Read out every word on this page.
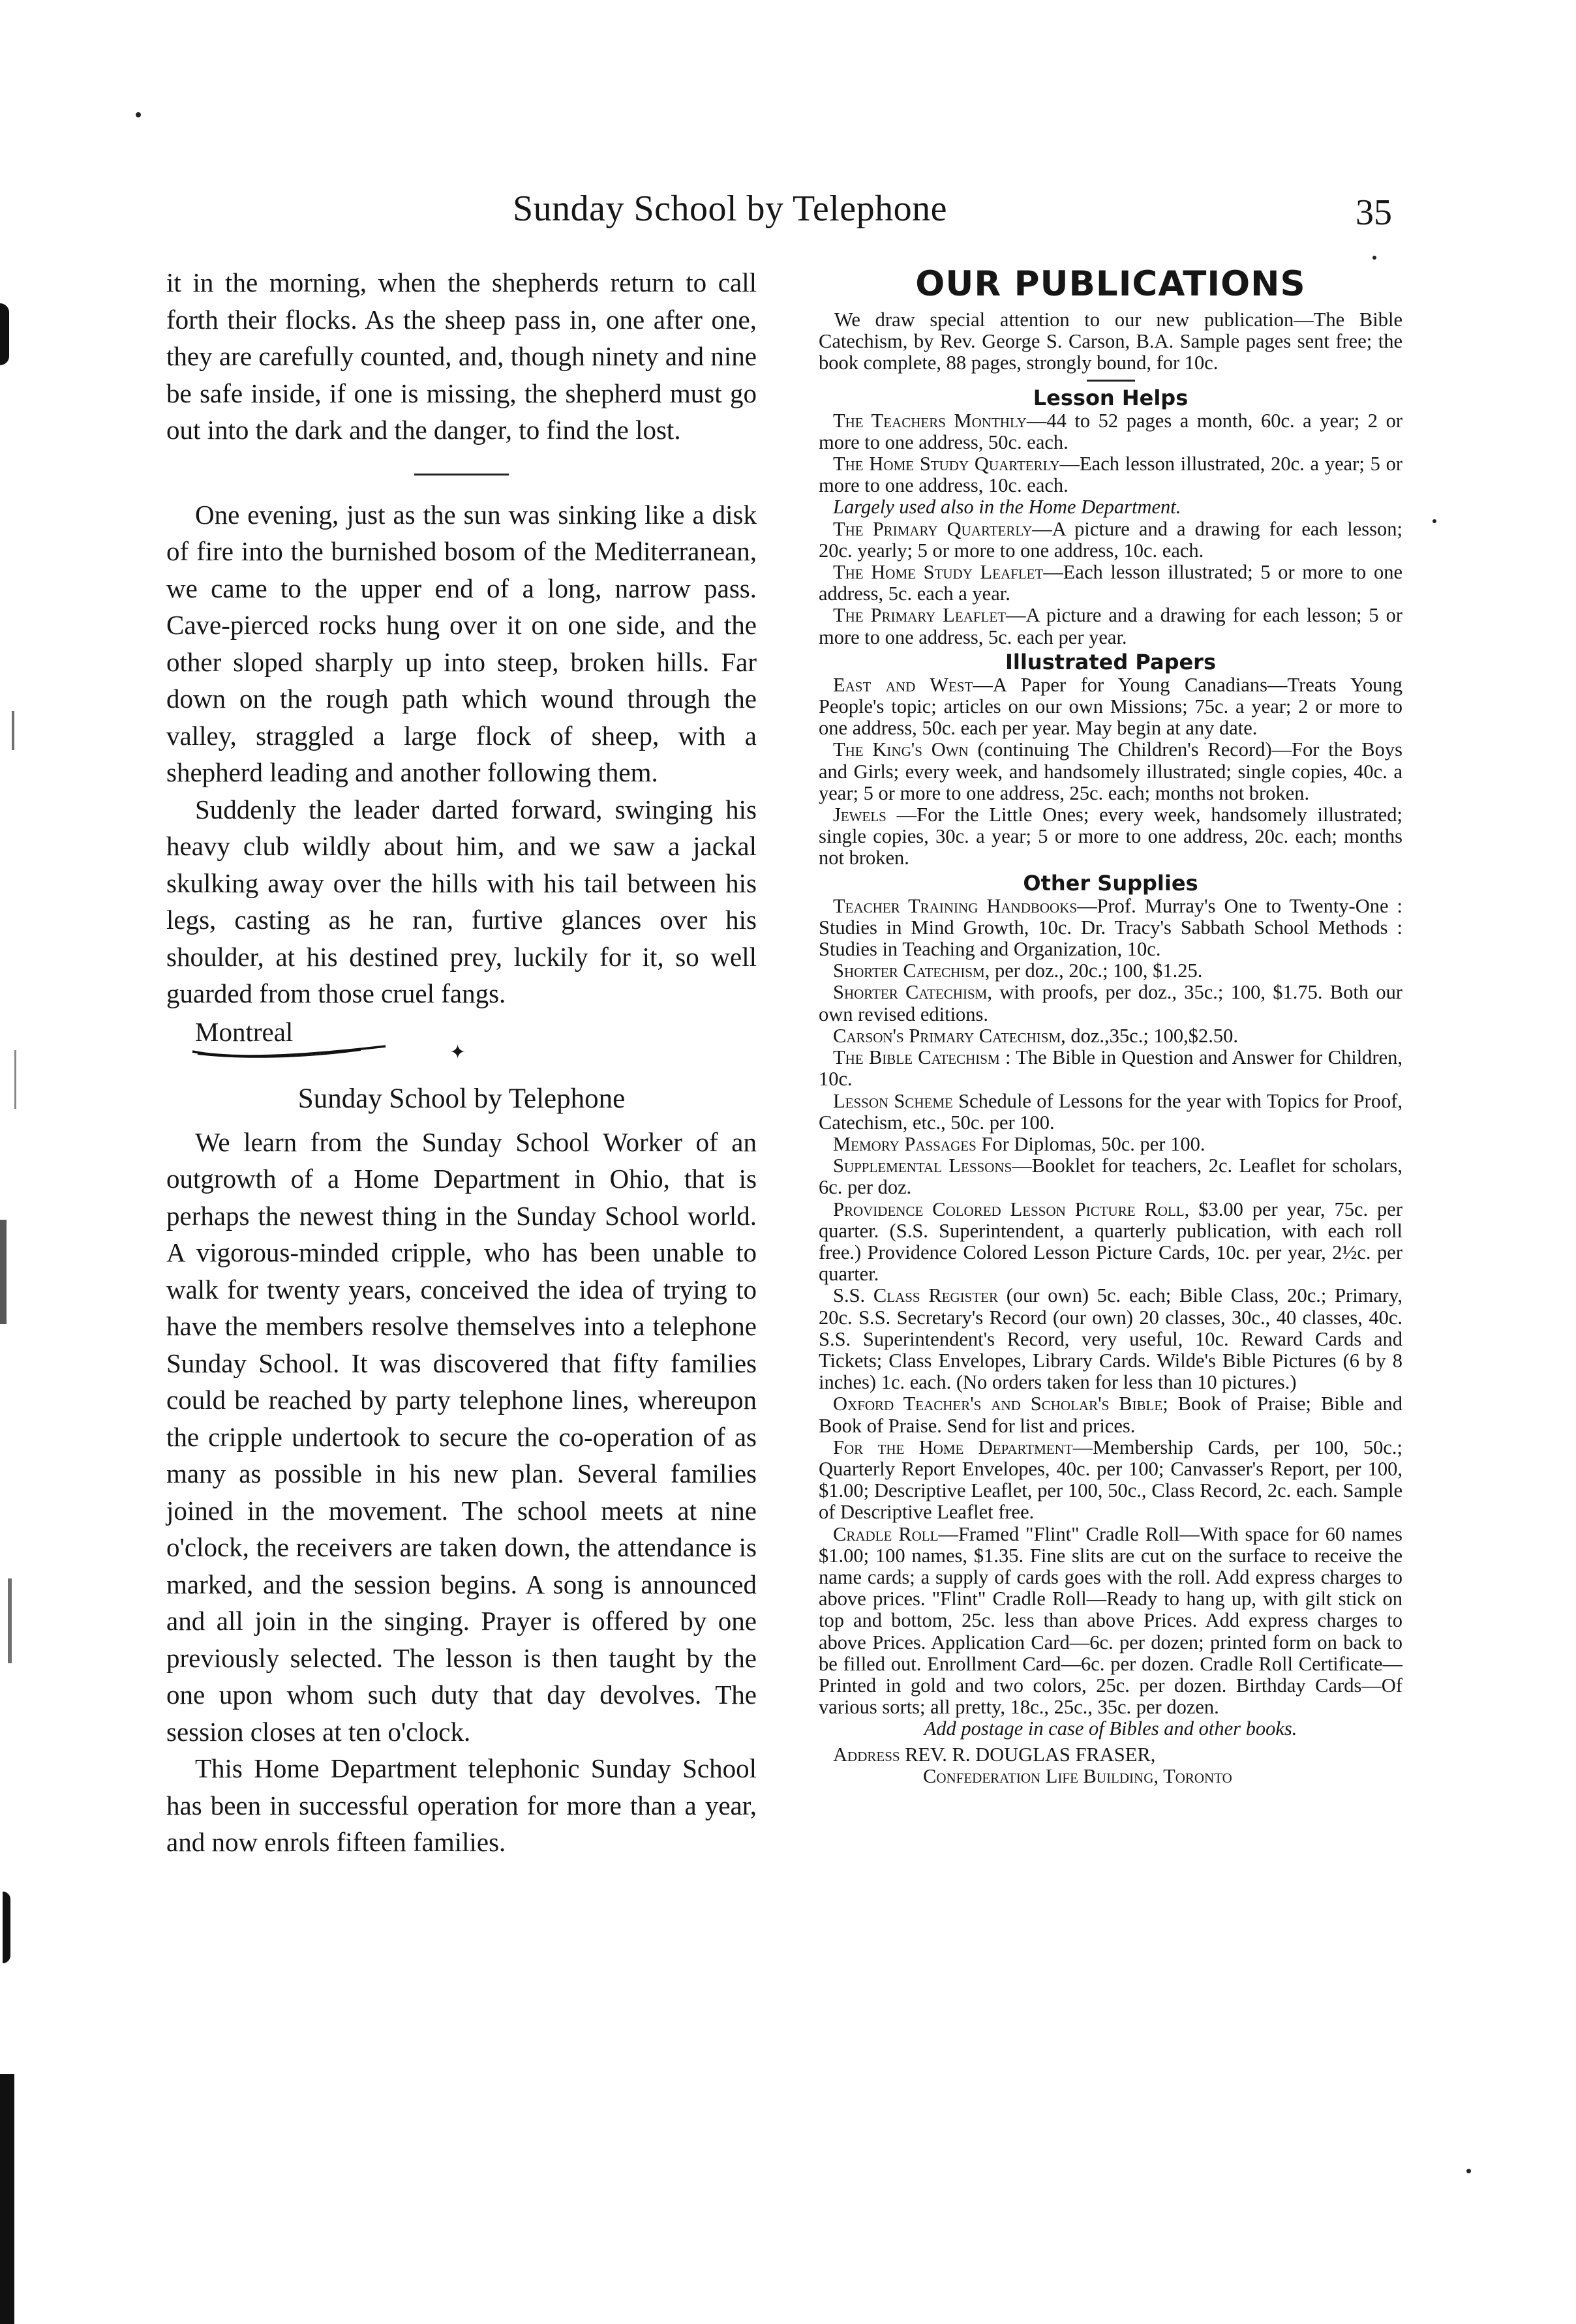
Sunday School by Telephone	35

it in the morning, when the shepherds return to call forth their flocks. As the sheep pass in, one after one, they are carefully counted, and, though ninety and nine be safe inside, if one is missing, the shepherd must go out into the dark and the danger, to find the lost.

One evening, just as the sun was sinking like a disk of fire into the burnished bosom of the Mediterranean, we came to the upper end of a long, narrow pass. Cave-pierced rocks hung over it on one side, and the other sloped sharply up into steep, broken hills. Far down on the rough path which wound through the valley, straggled a large flock of sheep, with a shepherd leading and another following them.

Suddenly the leader darted forward, swinging his heavy club wildly about him, and we saw a jackal skulking away over the hills with his tail between his legs, casting as he ran, furtive glances over his shoulder, at his destined prey, luckily for it, so well guarded from those cruel fangs.

Montreal
✦
Sunday School by Telephone

We learn from the Sunday School Worker of an outgrowth of a Home Department in Ohio, that is perhaps the newest thing in the Sunday School world. A vigorous-minded cripple, who has been unable to walk for twenty years, conceived the idea of trying to have the members resolve themselves into a telephone Sunday School. It was discovered that fifty families could be reached by party telephone lines, whereupon the cripple undertook to secure the co-operation of as many as possible in his new plan. Several families joined in the movement. The school meets at nine o'clock, the receivers are taken down, the attendance is marked, and the session begins. A song is announced and all join in the singing. Prayer is offered by one previously selected. The lesson is then taught by the one upon whom such duty that day devolves. The session closes at ten o'clock.

This Home Department telephonic Sunday School has been in successful operation for more than a year, and now enrols fifteen families.

OUR PUBLICATIONS

We draw special attention to our new publication—The Bible Catechism, by Rev. George S. Carson, B.A. Sample pages sent free; the book complete, 88 pages, strongly bound, for 10c.

Lesson Helps

The Teachers Monthly—44 to 52 pages a month, 60c. a year; 2 or more to one address, 50c. each.

The Home Study Quarterly—Each lesson illustrated, 20c. a year; 5 or more to one address, 10c. each.

Largely used also in the Home Department.

The Primary Quarterly—A picture and a drawing for each lesson; 20c. yearly; 5 or more to one address, 10c. each.

The Home Study Leaflet—Each lesson illustrated; 5 or more to one address, 5c. each a year.

The Primary Leaflet—A picture and a drawing for each lesson; 5 or more to one address, 5c. each per year.

Illustrated Papers

East and West—A Paper for Young Canadians—Treats Young People's topic; articles on our own Missions; 75c. a year; 2 or more to one address, 50c. each per year. May begin at any date.

The King's Own (continuing The Children's Record)—For the Boys and Girls; every week, and handsomely illustrated; single copies, 40c. a year; 5 or more to one address, 25c. each; months not broken.

Jewels —For the Little Ones; every week, handsomely illustrated; single copies, 30c. a year; 5 or more to one address, 20c. each; months not broken.

Other Supplies

Teacher Training Handbooks—Prof. Murray's One to Twenty-One : Studies in Mind Growth, 10c. Dr. Tracy's Sabbath School Methods : Studies in Teaching and Organization, 10c.

Shorter Catechism, per doz., 20c.; 100, $1.25.

Shorter Catechism, with proofs, per doz., 35c.; 100, $1.75. Both our own revised editions.

Carson's Primary Catechism, doz.,35c.; 100,$2.50.

The Bible Catechism : The Bible in Question and Answer for Children, 10c.

Lesson Scheme Schedule of Lessons for the year with Topics for Proof, Catechism, etc., 50c. per 100.

Memory Passages For Diplomas, 50c. per 100.

Supplemental Lessons—Booklet for teachers, 2c. Leaflet for scholars, 6c. per doz.

Providence Colored Lesson Picture Roll, $3.00 per year, 75c. per quarter. (S.S. Superintendent, a quarterly publication, with each roll free.) Providence Colored Lesson Picture Cards, 10c. per year, 2½c. per quarter.

S.S. Class Register (our own) 5c. each; Bible Class, 20c.; Primary, 20c. S.S. Secretary's Record (our own) 20 classes, 30c., 40 classes, 40c. S.S. Superintendent's Record, very useful, 10c. Reward Cards and Tickets; Class Envelopes, Library Cards. Wilde's Bible Pictures (6 by 8 inches) 1c. each. (No orders taken for less than 10 pictures.)

Oxford Teacher's and Scholar's Bible; Book of Praise; Bible and Book of Praise. Send for list and prices.

For the Home Department—Membership Cards, per 100, 50c.; Quarterly Report Envelopes, 40c. per 100; Canvasser's Report, per 100, $1.00; Descriptive Leaflet, per 100, 50c., Class Record, 2c. each. Sample of Descriptive Leaflet free.

Cradle Roll—Framed "Flint" Cradle Roll—With space for 60 names $1.00; 100 names, $1.35. Fine slits are cut on the surface to receive the name cards; a supply of cards goes with the roll. Add express charges to above prices. "Flint" Cradle Roll—Ready to hang up, with gilt stick on top and bottom, 25c. less than above Prices. Add express charges to above Prices. Application Card—6c. per dozen; printed form on back to be filled out. Enrollment Card—6c. per dozen. Cradle Roll Certificate—Printed in gold and two colors, 25c. per dozen. Birthday Cards—Of various sorts; all pretty, 18c., 25c., 35c. per dozen.

Add postage in case of Bibles and other books.

Address REV. R. DOUGLAS FRASER,
Confederation Life Building, Toronto
